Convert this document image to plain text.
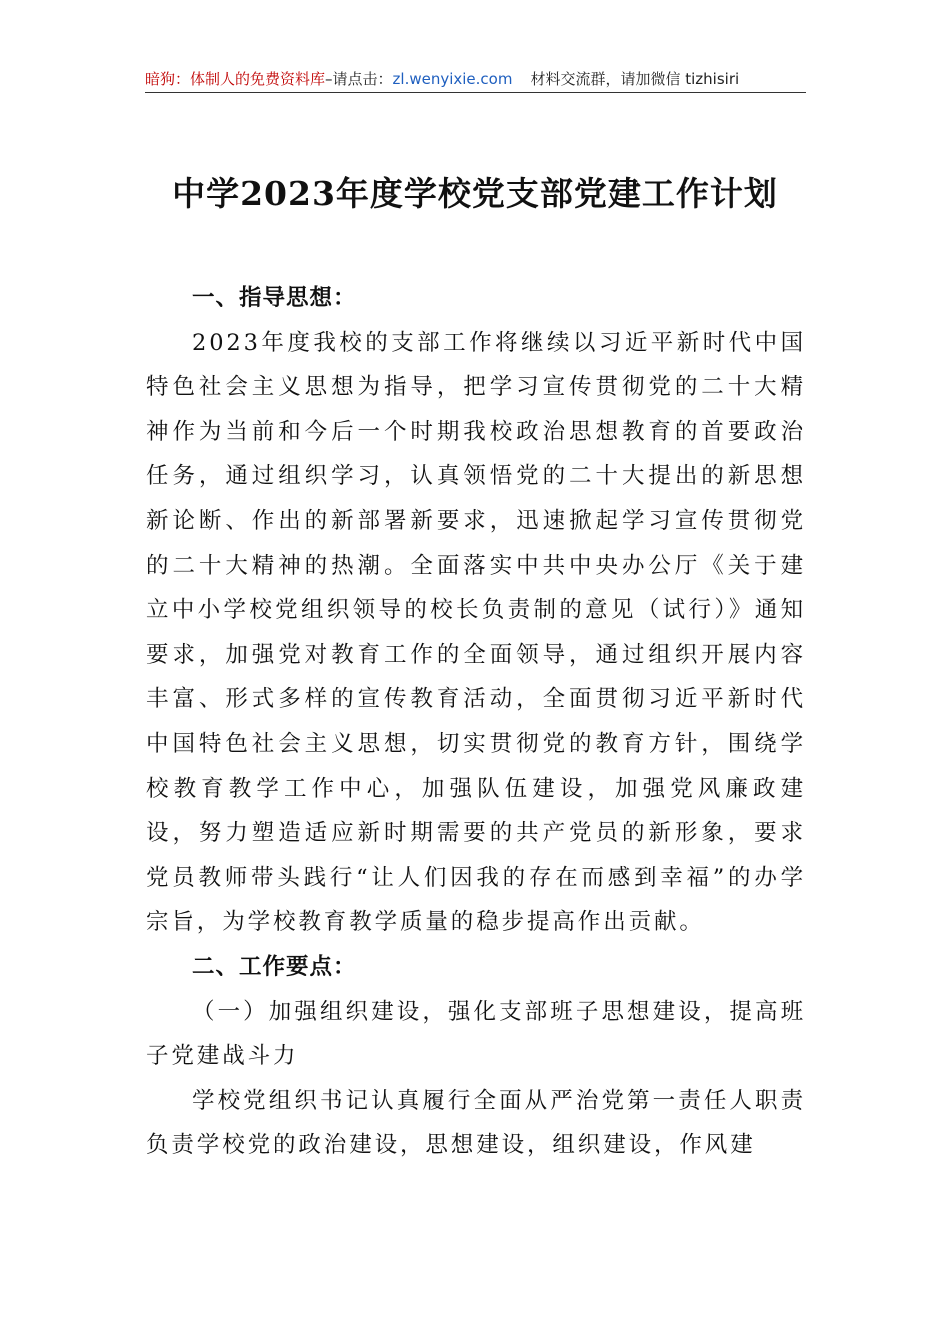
暗狗：体制人的免费资料库 –请点击： zl.wenyixie.com 材料交流群，请加微信 tizhisiri
中学2023年度学校党支部党建工作计划

一、指导思想：

2023年度我校的支部工作将继续以习近平新时代中国特色社会主义思想为指导，把学习宣传贯彻党的二十大精神作为当前和今后一个时期我校政治思想教育的首要政治任务，通过组织学习，认真领悟党的二十大提出的新思想新论断、作出的新部署新要求，迅速掀起学习宣传贯彻党的二十大精神的热潮。全面落实中共中央办公厅《关于建立中小学校党组织领导的校长负责制的意见（试行）》通知要求，加强党对教育工作的全面领导，通过组织开展内容丰富、形式多样的宣传教育活动，全面贯彻习近平新时代中国特色社会主义思想，切实贯彻党的教育方针，围绕学校教育教学工作中心，加强队伍建设，加强党风廉政建设，努力塑造适应新时期需要的共产党员的新形象，要求党员教师带头践行“让人们因我的存在而感到幸福”的办学宗旨，为学校教育教学质量的稳步提高作出贡献。

二、工作要点：

（一）加强组织建设，强化支部班子思想建设，提高班子党建战斗力

学校党组织书记认真履行全面从严治党第一责任人职责负责学校党的政治建设，思想建设，组织建设，作风建
